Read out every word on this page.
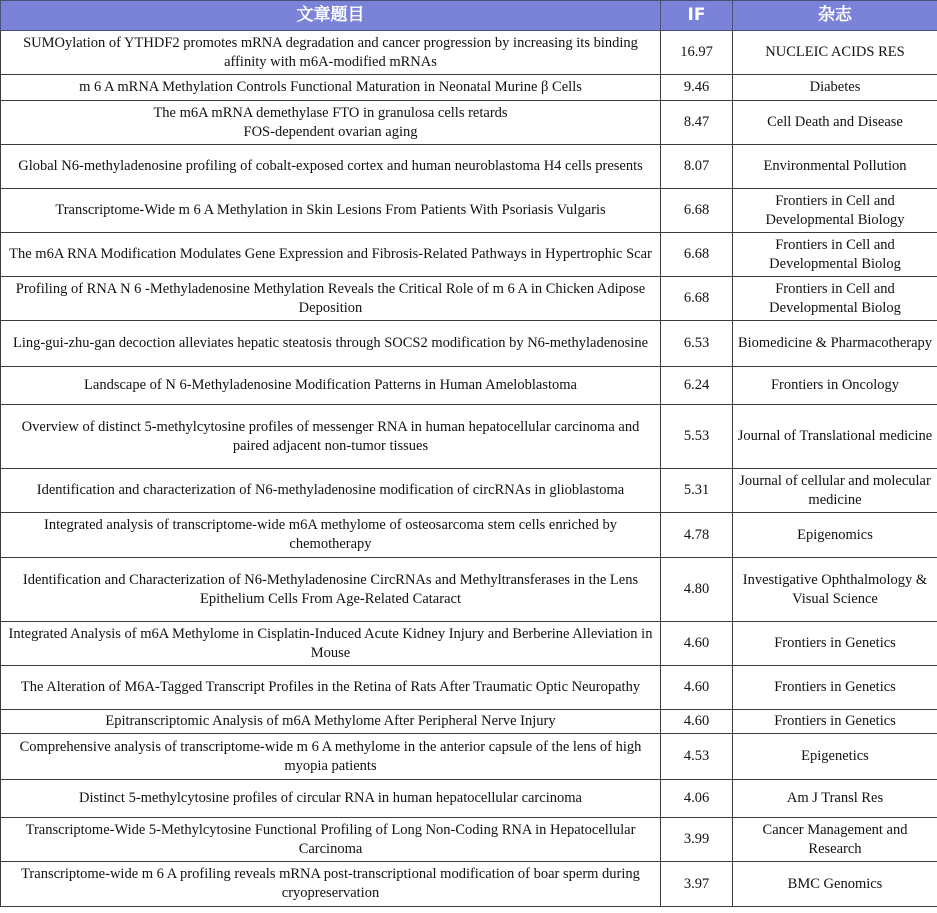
文章题目	IF	杂志
SUMOylation of YTHDF2 promotes mRNA degradation and cancer progression by increasing its binding affinity with m6A-modified mRNAs	16.97	NUCLEIC ACIDS RES
m 6 A mRNA Methylation Controls Functional Maturation in Neonatal Murine β Cells	9.46	Diabetes
The m6A mRNA demethylase FTO in granulosa cells retards
FOS-dependent ovarian aging	8.47	Cell Death and Disease
Global N6-methyladenosine profiling of cobalt-exposed cortex and human neuroblastoma H4 cells presents	8.07	Environmental Pollution
Transcriptome-Wide m 6 A Methylation in Skin Lesions From Patients With Psoriasis Vulgaris	6.68	Frontiers in Cell and Developmental Biology
The m6A RNA Modification Modulates Gene Expression and Fibrosis-Related Pathways in Hypertrophic Scar	6.68	Frontiers in Cell and Developmental Biolog
Profiling of RNA N 6 -Methyladenosine Methylation Reveals the Critical Role of m 6 A in Chicken Adipose Deposition	6.68	Frontiers in Cell and Developmental Biolog
Ling-gui-zhu-gan decoction alleviates hepatic steatosis through SOCS2 modification by N6-methyladenosine	6.53	Biomedicine & Pharmacotherapy
Landscape of N 6-Methyladenosine Modification Patterns in Human Ameloblastoma	6.24	Frontiers in Oncology
Overview of distinct 5-methylcytosine profiles of messenger RNA in human hepatocellular carcinoma and paired adjacent non-tumor tissues	5.53	Journal of Translational medicine
Identification and characterization of N6-methyladenosine modification of circRNAs in glioblastoma	5.31	Journal of cellular and molecular medicine
Integrated analysis of transcriptome-wide m6A methylome of osteosarcoma stem cells enriched by chemotherapy	4.78	Epigenomics
Identification and Characterization of N6-Methyladenosine CircRNAs and Methyltransferases in the Lens Epithelium Cells From Age-Related Cataract	4.80	Investigative Ophthalmology & Visual Science
Integrated Analysis of m6A Methylome in Cisplatin-Induced Acute Kidney Injury and Berberine Alleviation in Mouse	4.60	Frontiers in Genetics
The Alteration of M6A-Tagged Transcript Profiles in the Retina of Rats After Traumatic Optic Neuropathy	4.60	Frontiers in Genetics
Epitranscriptomic Analysis of m6A Methylome After Peripheral Nerve Injury	4.60	Frontiers in Genetics
Comprehensive analysis of transcriptome-wide m 6 A methylome in the anterior capsule of the lens of high myopia patients	4.53	Epigenetics
Distinct 5-methylcytosine profiles of circular RNA in human hepatocellular carcinoma	4.06	Am J Transl Res
Transcriptome-Wide 5-Methylcytosine Functional Profiling of Long Non-Coding RNA in Hepatocellular Carcinoma	3.99	Cancer Management and Research
Transcriptome-wide m 6 A profiling reveals mRNA post-transcriptional modification of boar sperm during cryopreservation	3.97	BMC Genomics
